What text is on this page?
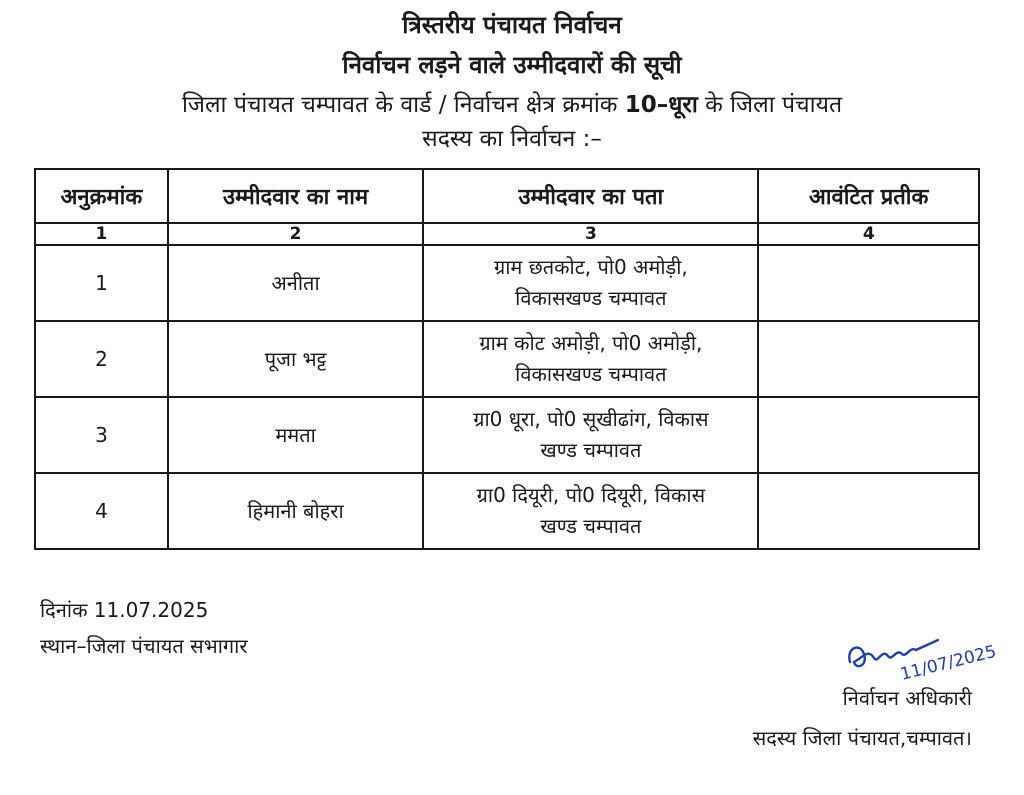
त्रिस्तरीय पंचायत निर्वाचन
निर्वाचन लड़ने वाले उम्मीदवारों की सूची
जिला पंचायत चम्पावत के वार्ड / निर्वाचन क्षेत्र क्रमांक 10–धूरा के जिला पंचायत
सदस्य का निर्वाचन :–
अनुक्रमांक	उम्मीदवार का नाम	उम्मीदवार का पता	आवंटित प्रतीक
1	2	3	4
1	अनीता	ग्राम छतकोट, पो0 अमोड़ी,
विकासखण्ड चम्पावत	
2	पूजा भट्ट	ग्राम कोट अमोड़ी, पो0 अमोड़ी,
विकासखण्ड चम्पावत	
3	ममता	ग्रा0 धूरा, पो0 सूखीढांग, विकास
खण्ड चम्पावत	
4	हिमानी बोहरा	ग्रा0 दियूरी, पो0 दियूरी, विकास
खण्ड चम्पावत	
दिनांक 11.07.2025
स्थान–जिला पंचायत सभागार	11/07/2025
निर्वाचन अधिकारी
सदस्य जिला पंचायत,चम्पावत।
